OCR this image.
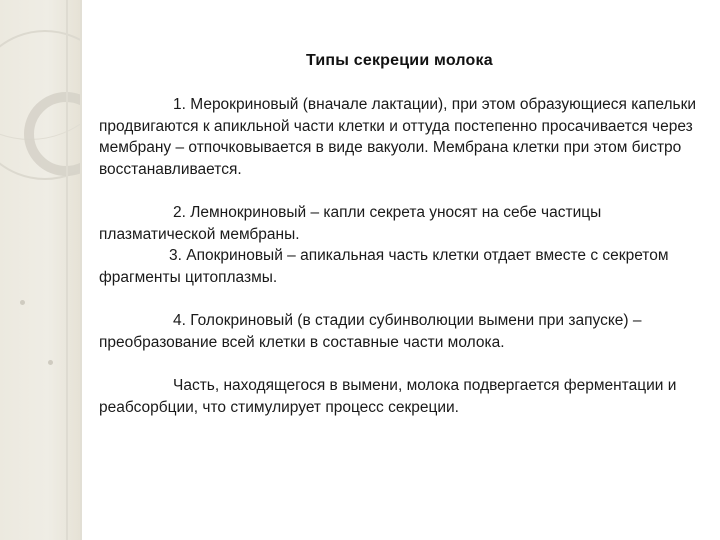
Типы секреции молока

1. Мерокриновый (вначале лактации), при этом образующиеся капельки продвигаются к апикльной части клетки и оттуда постепенно просачивается через мембрану – отпочковывается в виде вакуоли. Мембрана клетки при этом бистро восстанавливается.

2. Лемнокриновый – капли секрета уносят на себе частицы плазматической мембраны.

3. Апокриновый – апикальная часть клетки отдает вместе с секретом фрагменты цитоплазмы.

4. Голокриновый (в стадии субинволюции вымени при запуске) – преобразование всей клетки в составные части молока.

Часть, находящегося в вымени, молока подвергается ферментации и реабсорбции, что стимулирует процесс секреции.
